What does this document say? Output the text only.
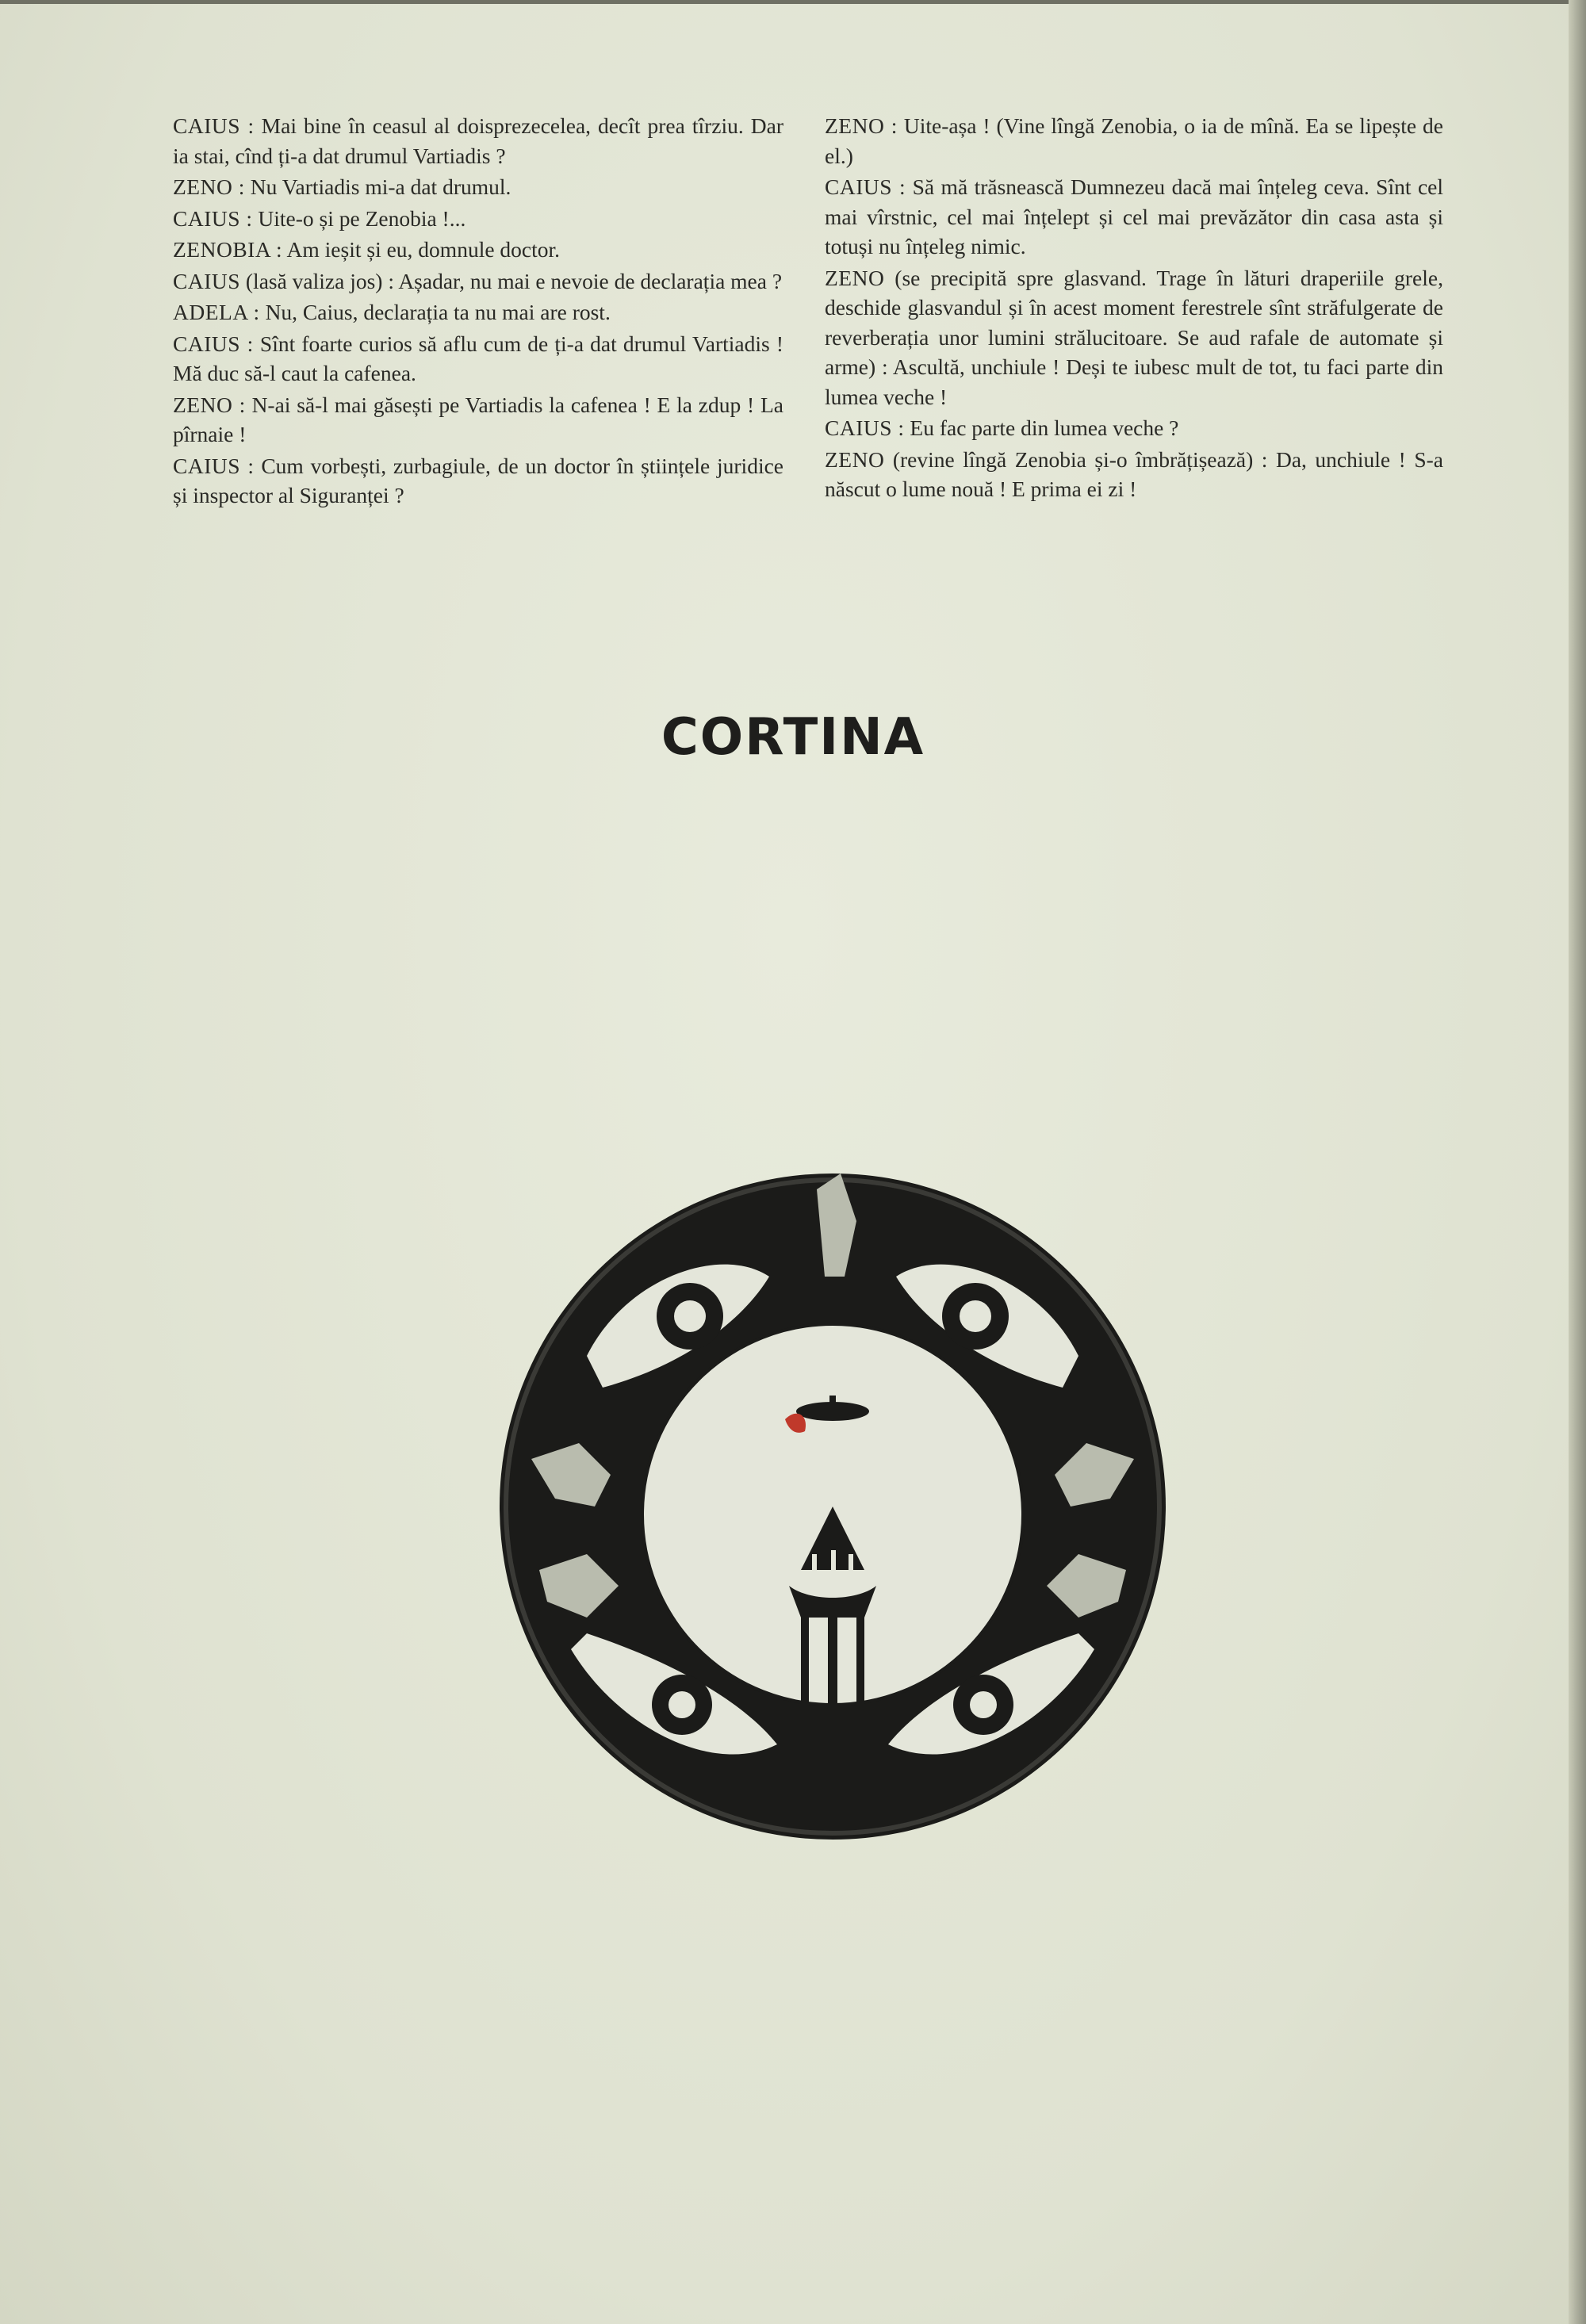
CAIUS : Mai bine în ceasul al doisprezecelea, decît prea tîrziu. Dar ia stai, cînd ți-a dat drumul Vartiadis ?

ZENO : Nu Vartiadis mi-a dat drumul.

CAIUS : Uite-o și pe Zenobia !...

ZENOBIA : Am ieșit și eu, domnule doctor.

CAIUS (lasă valiza jos) : Așadar, nu mai e nevoie de declarația mea ?

ADELA : Nu, Caius, declarația ta nu mai are rost.

CAIUS : Sînt foarte curios să aflu cum de ți-a dat drumul Vartiadis ! Mă duc să-l caut la cafenea.

ZENO : N-ai să-l mai găsești pe Vartiadis la cafenea ! E la zdup ! La pîrnaie !

CAIUS : Cum vorbești, zurbagiule, de un doctor în științele juridice și inspector al Siguranței ?

ZENO : Uite-așa ! (Vine lîngă Zenobia, o ia de mînă. Ea se lipește de el.)

CAIUS : Să mă trăsnească Dumnezeu dacă mai înțeleg ceva. Sînt cel mai vîrstnic, cel mai înțelept și cel mai prevăzător din casa asta și totuși nu înțeleg nimic.

ZENO (se precipită spre glasvand. Trage în lături draperiile grele, deschide glasvandul și în acest moment ferestrele sînt străfulgerate de reverberația unor lumini strălucitoare. Se aud rafale de automate și arme) : Ascultă, unchiule ! Deși te iubesc mult de tot, tu faci parte din lumea veche !

CAIUS : Eu fac parte din lumea veche ?

ZENO (revine lîngă Zenobia și-o îmbrățișează) : Da, unchiule ! S-a născut o lume nouă ! E prima ei zi !

CORTINA
